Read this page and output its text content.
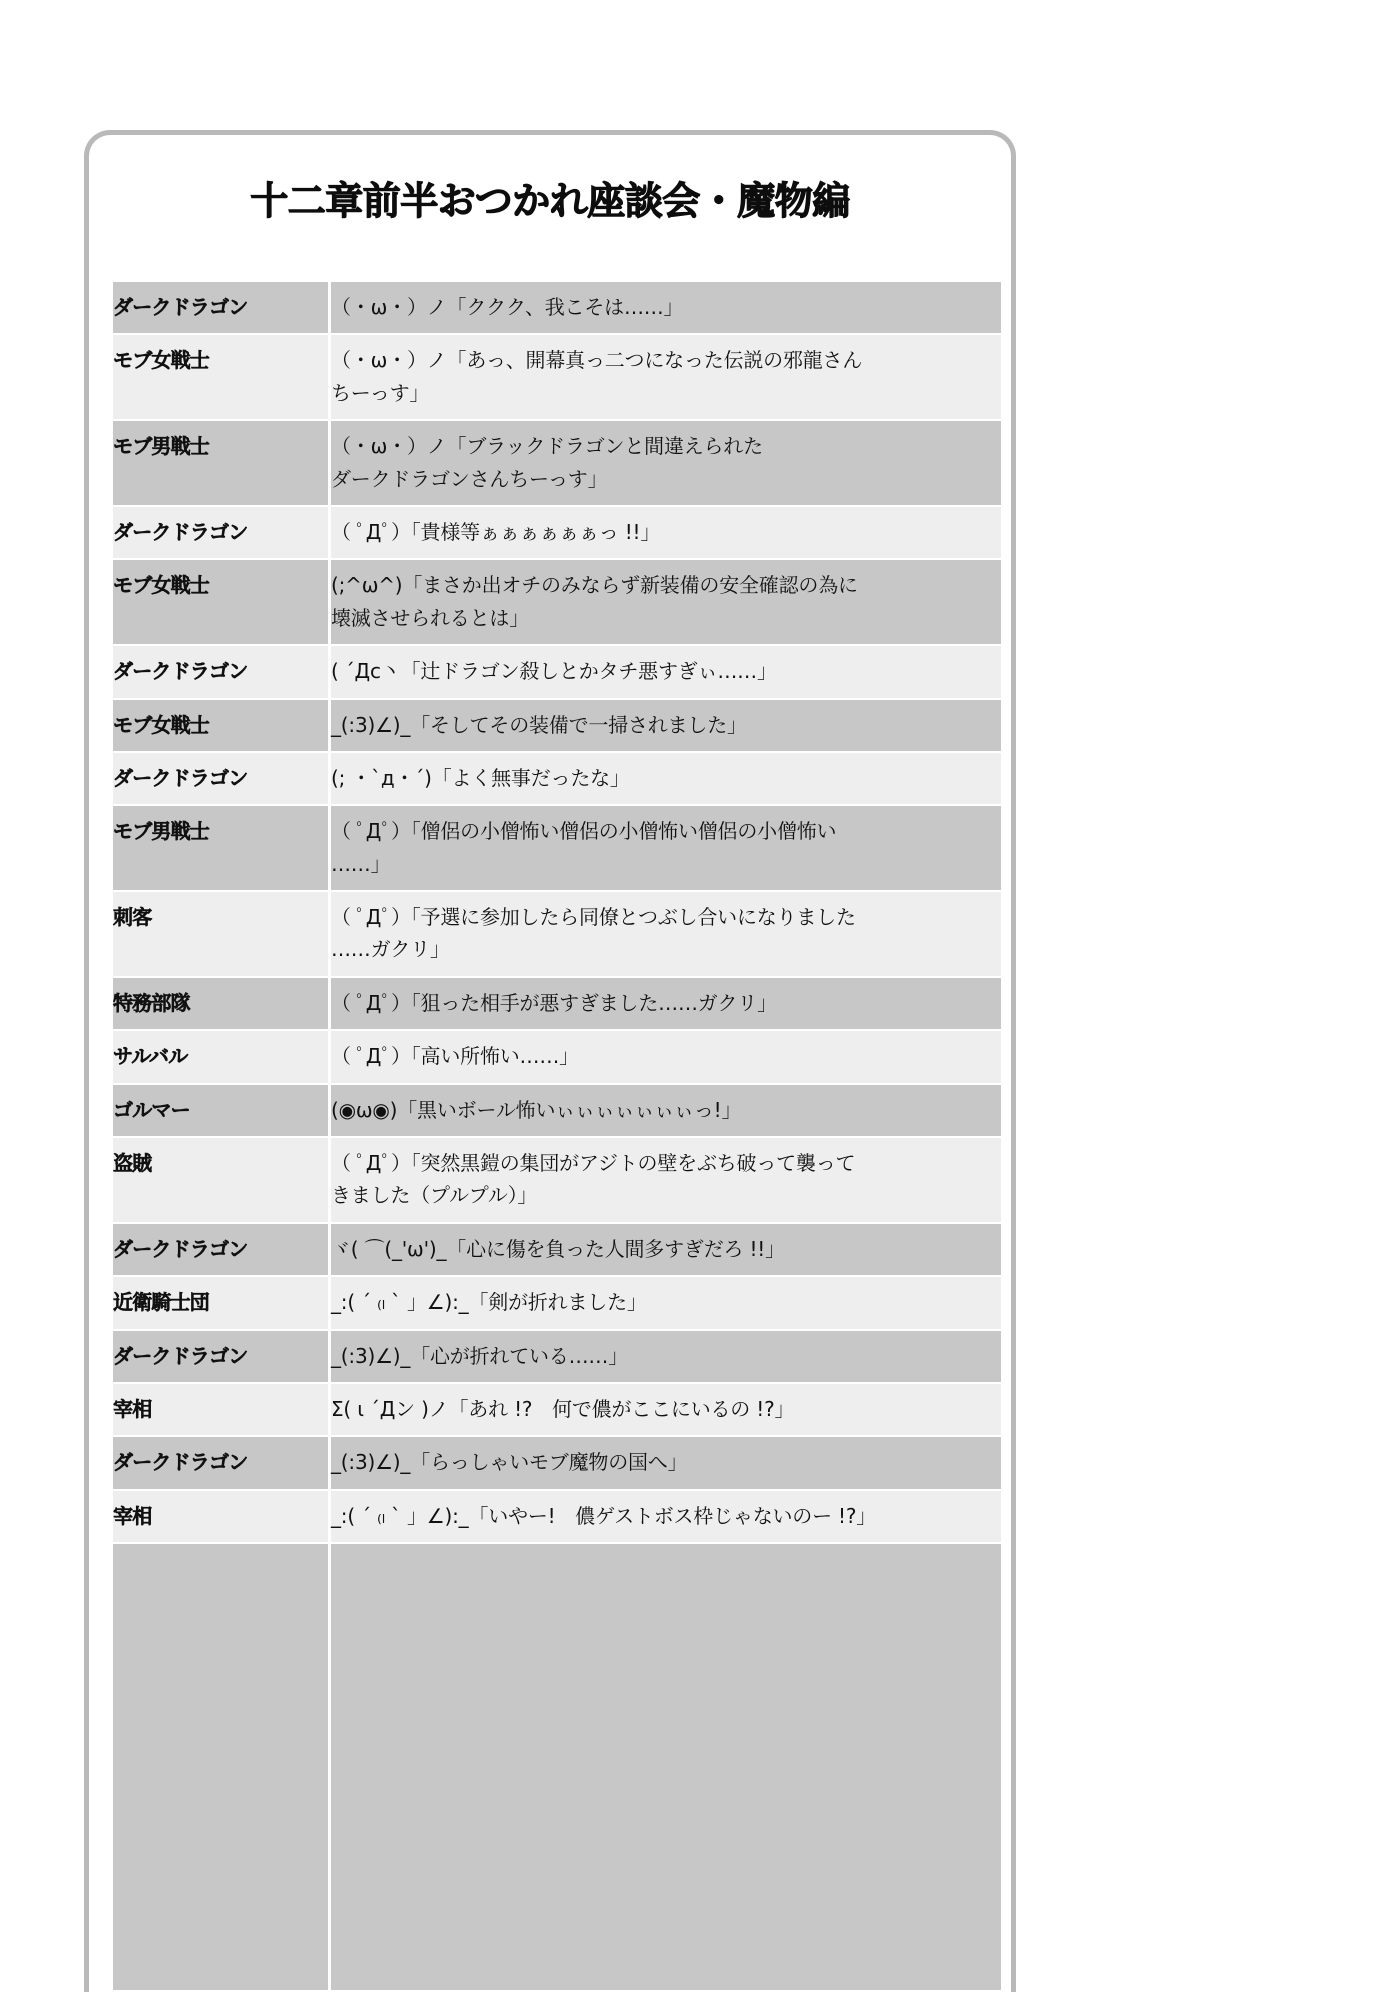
十二章前半おつかれ座談会・魔物編
ダークドラゴン	（・ω・）ノ「ククク、我こそは……」

モブ女戦士	（・ω・）ノ「あっ、開幕真っ二つになった伝説の邪龍さん
ちーっす」

モブ男戦士	（・ω・）ノ「ブラックドラゴンと間違えられた
ダークドラゴンさんちーっす」

ダークドラゴン	（ ﾟДﾟ）「貴様等ぁぁぁぁぁぁっ !!」

モブ女戦士	(;^ω^)「まさか出オチのみならず新装備の安全確認の為に
壊滅させられるとは」

ダークドラゴン	( ´Дc丶「辻ドラゴン殺しとかタチ悪すぎぃ……」

モブ女戦士	_(:3)∠)_「そしてその装備で一掃されました」

ダークドラゴン	(; ・`д・´)「よく無事だったな」

モブ男戦士	（ ﾟДﾟ）「僧侶の小僧怖い僧侶の小僧怖い僧侶の小僧怖い
……」

刺客	（ ﾟДﾟ）「予選に参加したら同僚とつぶし合いになりました
……ガクリ」

特務部隊	（ ﾟДﾟ）「狙った相手が悪すぎました……ガクリ」

サルバル	（ ﾟДﾟ）「高い所怖い……」

ゴルマー	(◉ω◉)「黒いボール怖いぃぃぃぃぃぃぃっ!」

盗賊	（ ﾟДﾟ）「突然黒鎧の集団がアジトの壁をぶち破って襲って
きました（プルプル）」

ダークドラゴン	ヾ( ⌒(_'ω')_「心に傷を負った人間多すぎだろ !!」

近衛騎士団	_:( ´ ₍ₗ ` 」∠):_「剣が折れました」

ダークドラゴン	_(:3)∠)_「心が折れている……」

宰相	Σ( ι ´Дン )ノ「あれ !?　何で儂がここにいるの !?」

ダークドラゴン	_(:3)∠)_「らっしゃいモブ魔物の国へ」

宰相	_:( ´ ₍ₗ ` 」∠):_「いやー!　儂ゲストボス枠じゃないのー !?」
